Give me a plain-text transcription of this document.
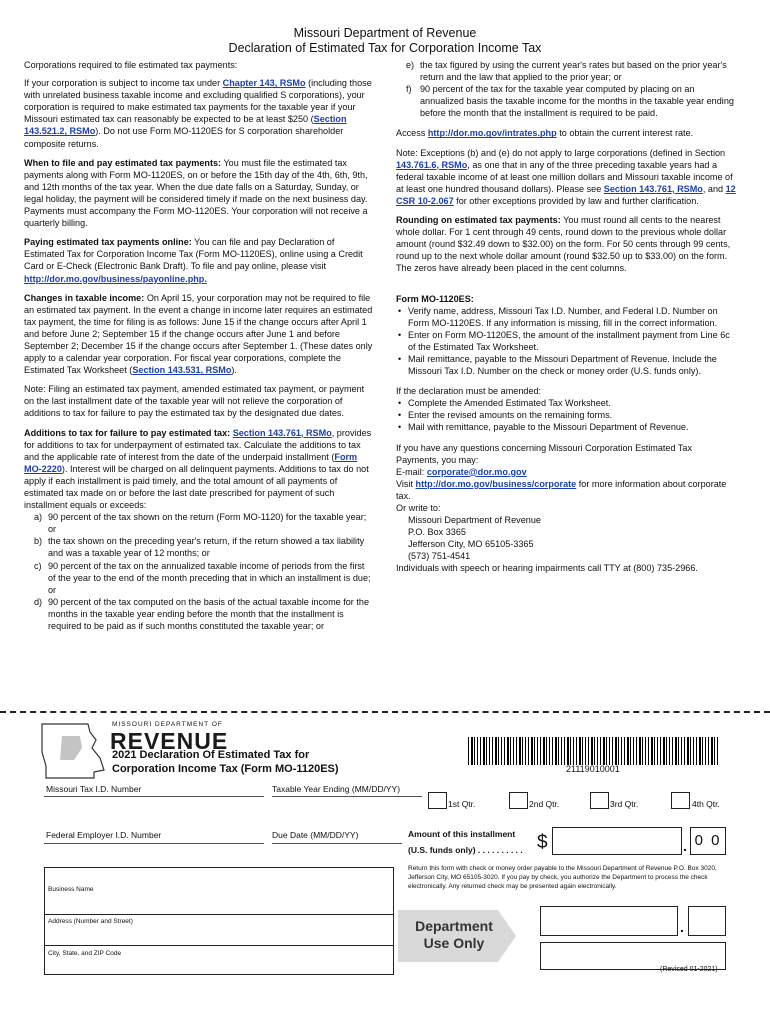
Missouri Department of Revenue
Declaration of Estimated Tax for Corporation Income Tax

Corporations required to file estimated tax payments:

If your corporation is subject to income tax under Chapter 143, RSMo (including those with unrelated business taxable income and excluding qualified S corporations), your corporation is required to make estimated tax payments for the taxable year if your Missouri estimated tax can reasonably be expected to be at least $250 (Section 143.521.2, RSMo). Do not use Form MO-1120ES for S corporation shareholder composite returns.

When to file and pay estimated tax payments: You must file the estimated tax payments along with Form MO-1120ES, on or before the 15th day of the 4th, 6th, 9th, and 12th months of the tax year. When the due date falls on a Saturday, Sunday, or legal holiday, the payment will be considered timely if made on the next business day. Payments must accompany the Form MO-1120ES. Your corporation will not receive a quarterly billing.

Paying estimated tax payments online: You can file and pay Declaration of Estimated Tax for Corporation Income Tax (Form MO-1120ES), online using a Credit Card or E-Check (Electronic Bank Draft). To file and pay online, please visit http://dor.mo.gov/business/payonline.php.

Changes in taxable income: On April 15, your corporation may not be required to file an estimated tax payment. In the event a change in income later requires an estimated tax payment, the time for filing is as follows: June 15 if the change occurs after April 1 and before June 2; September 15 if the change occurs after June 1 and before September 2; December 15 if the change occurs after September 1. (These dates only apply to a calendar year corporation. For fiscal year corporations, complete the Estimated Tax Worksheet (Section 143.531, RSMo).

Note: Filing an estimated tax payment, amended estimated tax payment, or payment on the last installment date of the taxable year will not relieve the corporation of additions to tax for failure to pay the estimated tax by the designated due dates.

Additions to tax for failure to pay estimated tax: Section 143.761, RSMo, provides for additions to tax for underpayment of estimated tax. Calculate the additions to tax and the applicable rate of interest from the date of the underpaid installment (Form MO-2220). Interest will be charged on all delinquent payments. Additions to tax do not apply if each installment is paid timely, and the total amount of all payments of estimated tax made on or before the last date prescribed for payment of such installment equals or exceeds:

a) 90 percent of the tax shown on the return (Form MO-1120) for the taxable year; or
b) the tax shown on the preceding year's return, if the return showed a tax liability and was a taxable year of 12 months; or
c) 90 percent of the tax on the annualized taxable income of periods from the first of the year to the end of the month preceding that in which an installment is due; or
d) 90 percent of the tax computed on the basis of the actual taxable income for the months in the taxable year ending before the month that the installment is required to be paid as if such months constituted the taxable year; or
e) the tax figured by using the current year's rates but based on the prior year's return and the law that applied to the prior year; or
f) 90 percent of the tax for the taxable year computed by placing on an annualized basis the taxable income for the months in the taxable year ending before the month that the installment is required to be paid.

Access http://dor.mo.gov/intrates.php to obtain the current interest rate.

Note: Exceptions (b) and (e) do not apply to large corporations (defined in Section 143.761.6, RSMo, as one that in any of the three preceding taxable years had a federal taxable income of at least one million dollars and Missouri taxable income of at least one hundred thousand dollars). Please see Section 143.761, RSMo, and 12 CSR 10-2.067 for other exceptions provided by law and further clarification.

Rounding on estimated tax payments: You must round all cents to the nearest whole dollar. For 1 cent through 49 cents, round down to the previous whole dollar amount (round $32.49 down to $32.00) on the form. For 50 cents through 99 cents, round up to the next whole dollar amount (round $32.50 up to $33.00) on the form. The zeros have already been placed in the cent columns.

Form MO-1120ES:

• Verify name, address, Missouri Tax I.D. Number, and Federal I.D. Number on Form MO-1120ES. If any information is missing, fill in the correct information.
• Enter on Form MO-1120ES, the amount of the installment payment from Line 6c of the Estimated Tax Worksheet.
• Mail remittance, payable to the Missouri Department of Revenue. Include the Missouri Tax I.D. Number on the check or money order (U.S. funds only).

If the declaration must be amended:

• Complete the Amended Estimated Tax Worksheet.
• Enter the revised amounts on the remaining forms.
• Mail with remittance, payable to the Missouri Department of Revenue.

If you have any questions concerning Missouri Corporation Estimated Tax Payments, you may:

E-mail: corporate@dor.mo.gov

Visit http://dor.mo.gov/business/corporate for more information about corporate tax.

Or write to:

Missouri Department of Revenue

P.O. Box 3365

Jefferson City, MO 65105-3365

(573) 751-4541

Individuals with speech or hearing impairments call TTY at (800) 735-2966.

MISSOURI DEPARTMENT OF
REVENUE
2021 Declaration Of Estimated Tax for
Corporation Income Tax (Form MO-1120ES)	21119010001
Missouri Tax I.D. Number	Taxable Year Ending (MM/DD/YY)
1st Qtr.	2nd Qtr.	3rd Qtr.	4th Qtr.
Federal Employer I.D. Number	Due Date (MM/DD/YY)	Amount of this installment
(U.S. funds only) . . . . . . . . . . $	. 0 0
Return this form with check or money order payable to the Missouri Department of Revenue P.O. Box 3020, Jefferson City, MO 65105-3020. If you pay by check, you authorize the Department to process the check electronically. Any returned check may be presented again electronically.
Business Name
Address (Number and Street)
City, State, and ZIP Code
Department Use Only
.
(Revised 01-2021)
